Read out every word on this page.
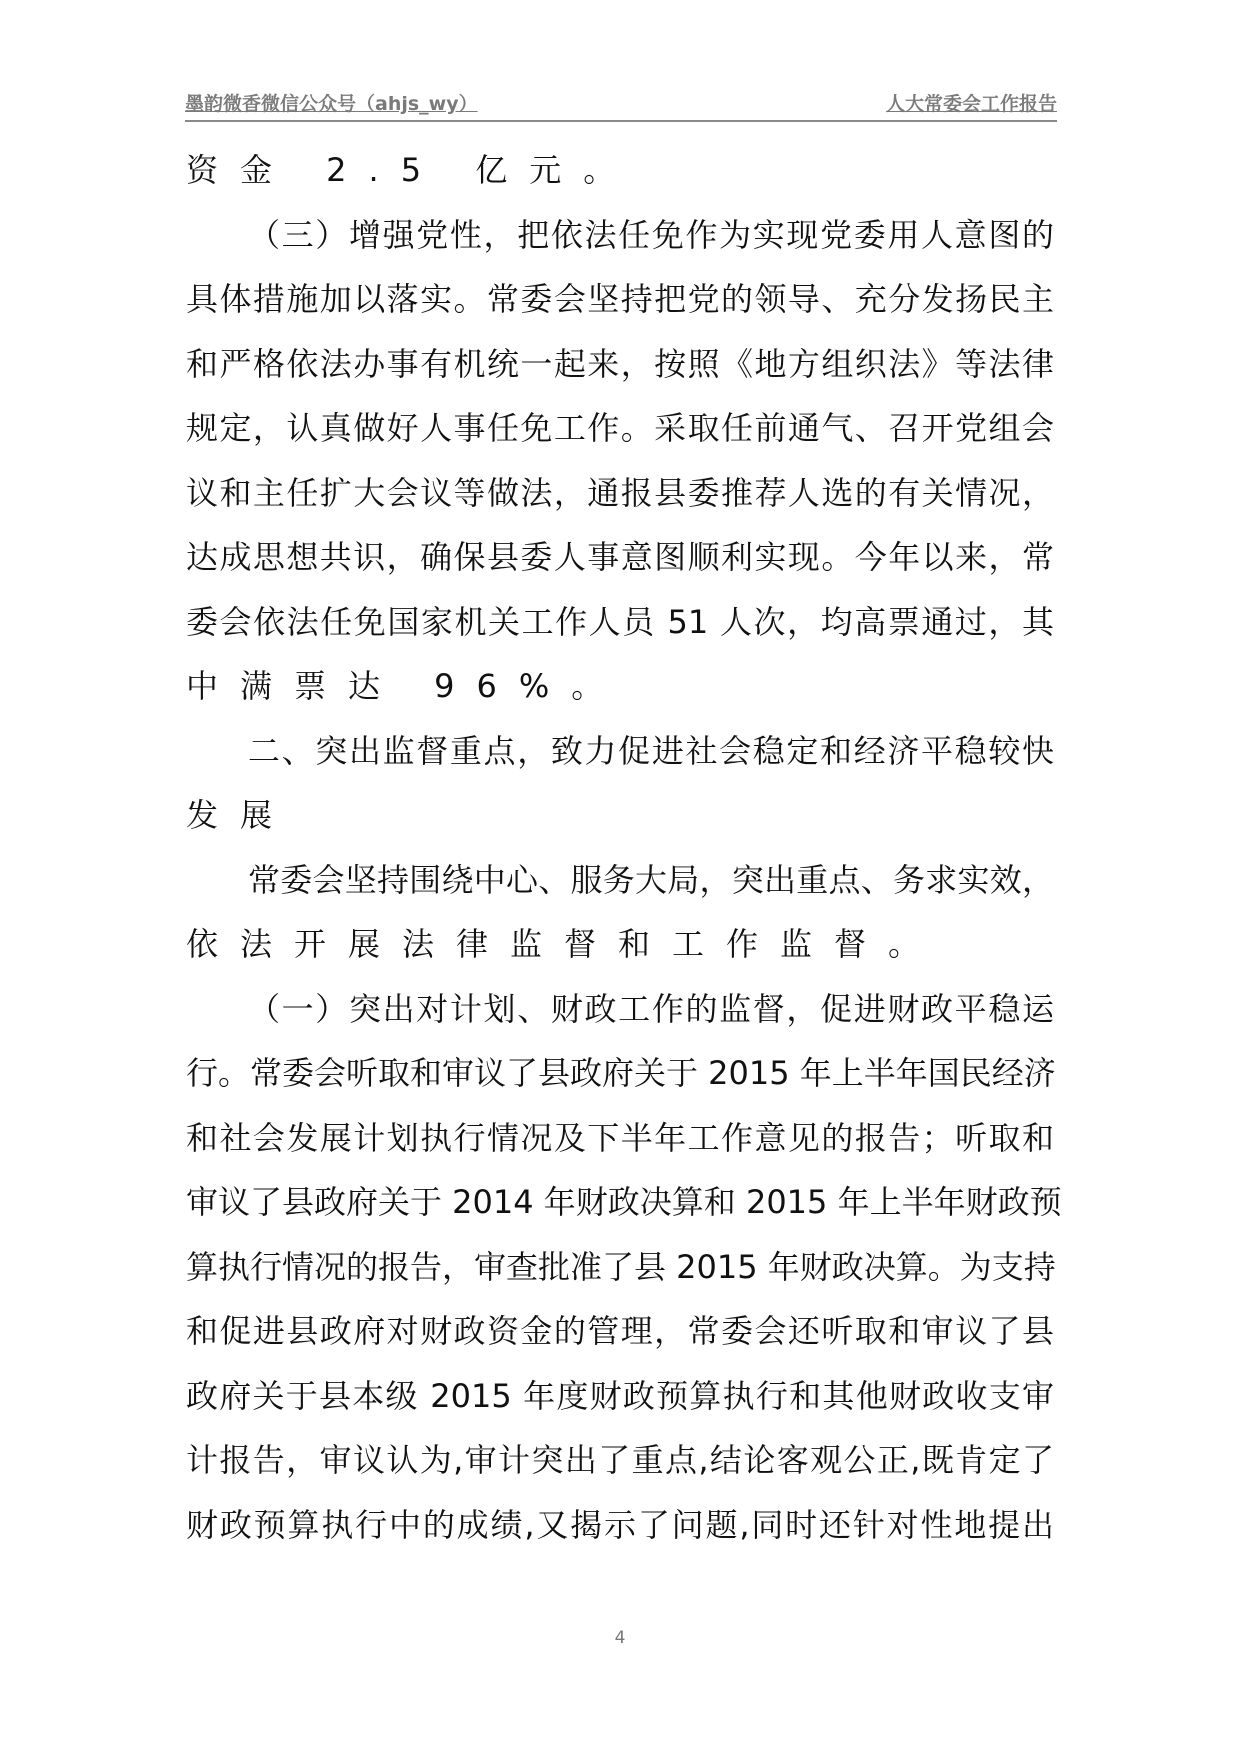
墨韵微香微信公众号（ahjs_wy）	人大常委会工作报告
资金 2.5 亿元。
（三）增强党性，把依法任免作为实现党委用人意图的
具体措施加以落实。常委会坚持把党的领导、充分发扬民主
和严格依法办事有机统一起来，按照《地方组织法》等法律
规定，认真做好人事任免工作。采取任前通气、召开党组会
议和主任扩大会议等做法，通报县委推荐人选的有关情况，
达成思想共识，确保县委人事意图顺利实现。今年以来，常
委会依法任免国家机关工作人员 51 人次，均高票通过，其
中满票达 96%。
二、突出监督重点，致力促进社会稳定和经济平稳较快
发展
常委会坚持围绕中心、服务大局，突出重点、务求实效，
依法开展法律监督和工作监督。
（一）突出对计划、财政工作的监督，促进财政平稳运
行。常委会听取和审议了县政府关于 2015 年上半年国民经济
和社会发展计划执行情况及下半年工作意见的报告；听取和
审议了县政府关于 2014 年财政决算和 2015 年上半年财政预
算执行情况的报告，审查批准了县 2015 年财政决算。为支持
和促进县政府对财政资金的管理，常委会还听取和审议了县
政府关于县本级 2015 年度财政预算执行和其他财政收支审
计报告，审议认为,审计突出了重点,结论客观公正,既肯定了
财政预算执行中的成绩,又揭示了问题,同时还针对性地提出
4
